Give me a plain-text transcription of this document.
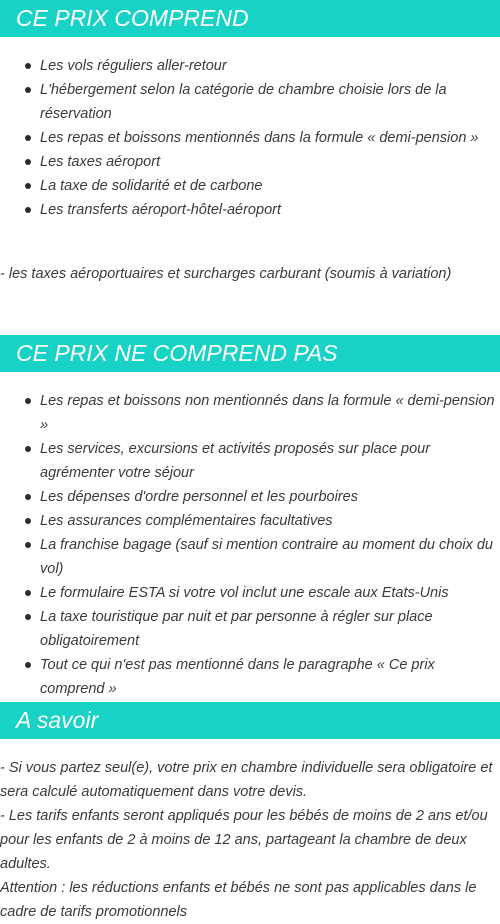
CE PRIX COMPREND
Les vols réguliers aller-retour
L'hébergement selon la catégorie de chambre choisie lors de la réservation
Les repas et boissons mentionnés dans la formule « demi-pension »
Les taxes aéroport
La taxe de solidarité et de carbone
Les transferts aéroport-hôtel-aéroport

- les taxes aéroportuaires et surcharges carburant (soumis à variation)

CE PRIX NE COMPREND PAS
Les repas et boissons non mentionnés dans la formule « demi-pension »
Les services, excursions et activités proposés sur place pour agrémenter votre séjour
Les dépenses d'ordre personnel et les pourboires
Les assurances complémentaires facultatives
La franchise bagage (sauf si mention contraire au moment du choix du vol)
Le formulaire ESTA si votre vol inclut une escale aux Etats-Unis
La taxe touristique par nuit et par personne à régler sur place obligatoirement
Tout ce qui n'est pas mentionné dans le paragraphe « Ce prix comprend »
A savoir

- Si vous partez seul(e), votre prix en chambre individuelle sera obligatoire et sera calculé automatiquement dans votre devis.

- Les tarifs enfants seront appliqués pour les bébés de moins de 2 ans et/ou pour les enfants de 2 à moins de 12 ans, partageant la chambre de deux adultes.

Attention : les réductions enfants et bébés ne sont pas applicables dans le cadre de tarifs promotionnels
